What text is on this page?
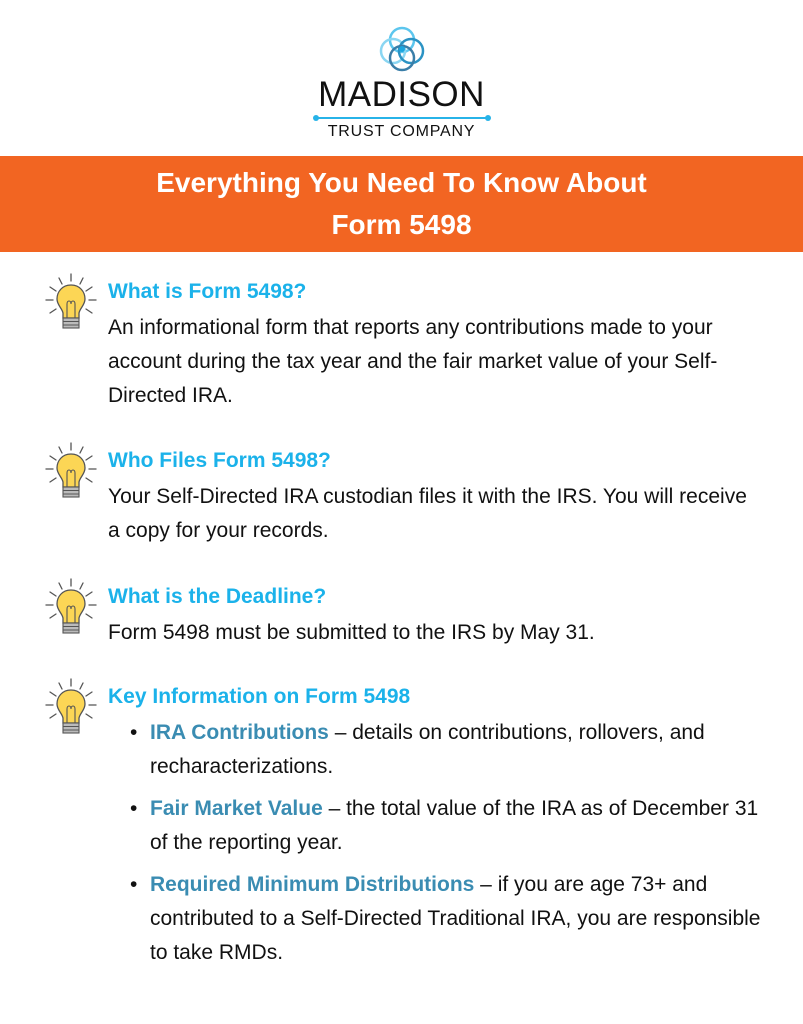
MADISON
TRUST COMPANY
Everything You Need To Know About
Form 5498
What is Form 5498?
An informational form that reports any contributions made to your account during the tax year and the fair market value of your Self-Directed IRA.
Who Files Form 5498?
Your Self-Directed IRA custodian files it with the IRS. You will receive a copy for your records.
What is the Deadline?
Form 5498 must be submitted to the IRS by May 31.
Key Information on Form 5498
• IRA Contributions – details on contributions, rollovers, and recharacterizations.
• Fair Market Value – the total value of the IRA as of December 31 of the reporting year.
• Required Minimum Distributions – if you are age 73+ and contributed to a Self-Directed Traditional IRA, you are responsible to take RMDs.
